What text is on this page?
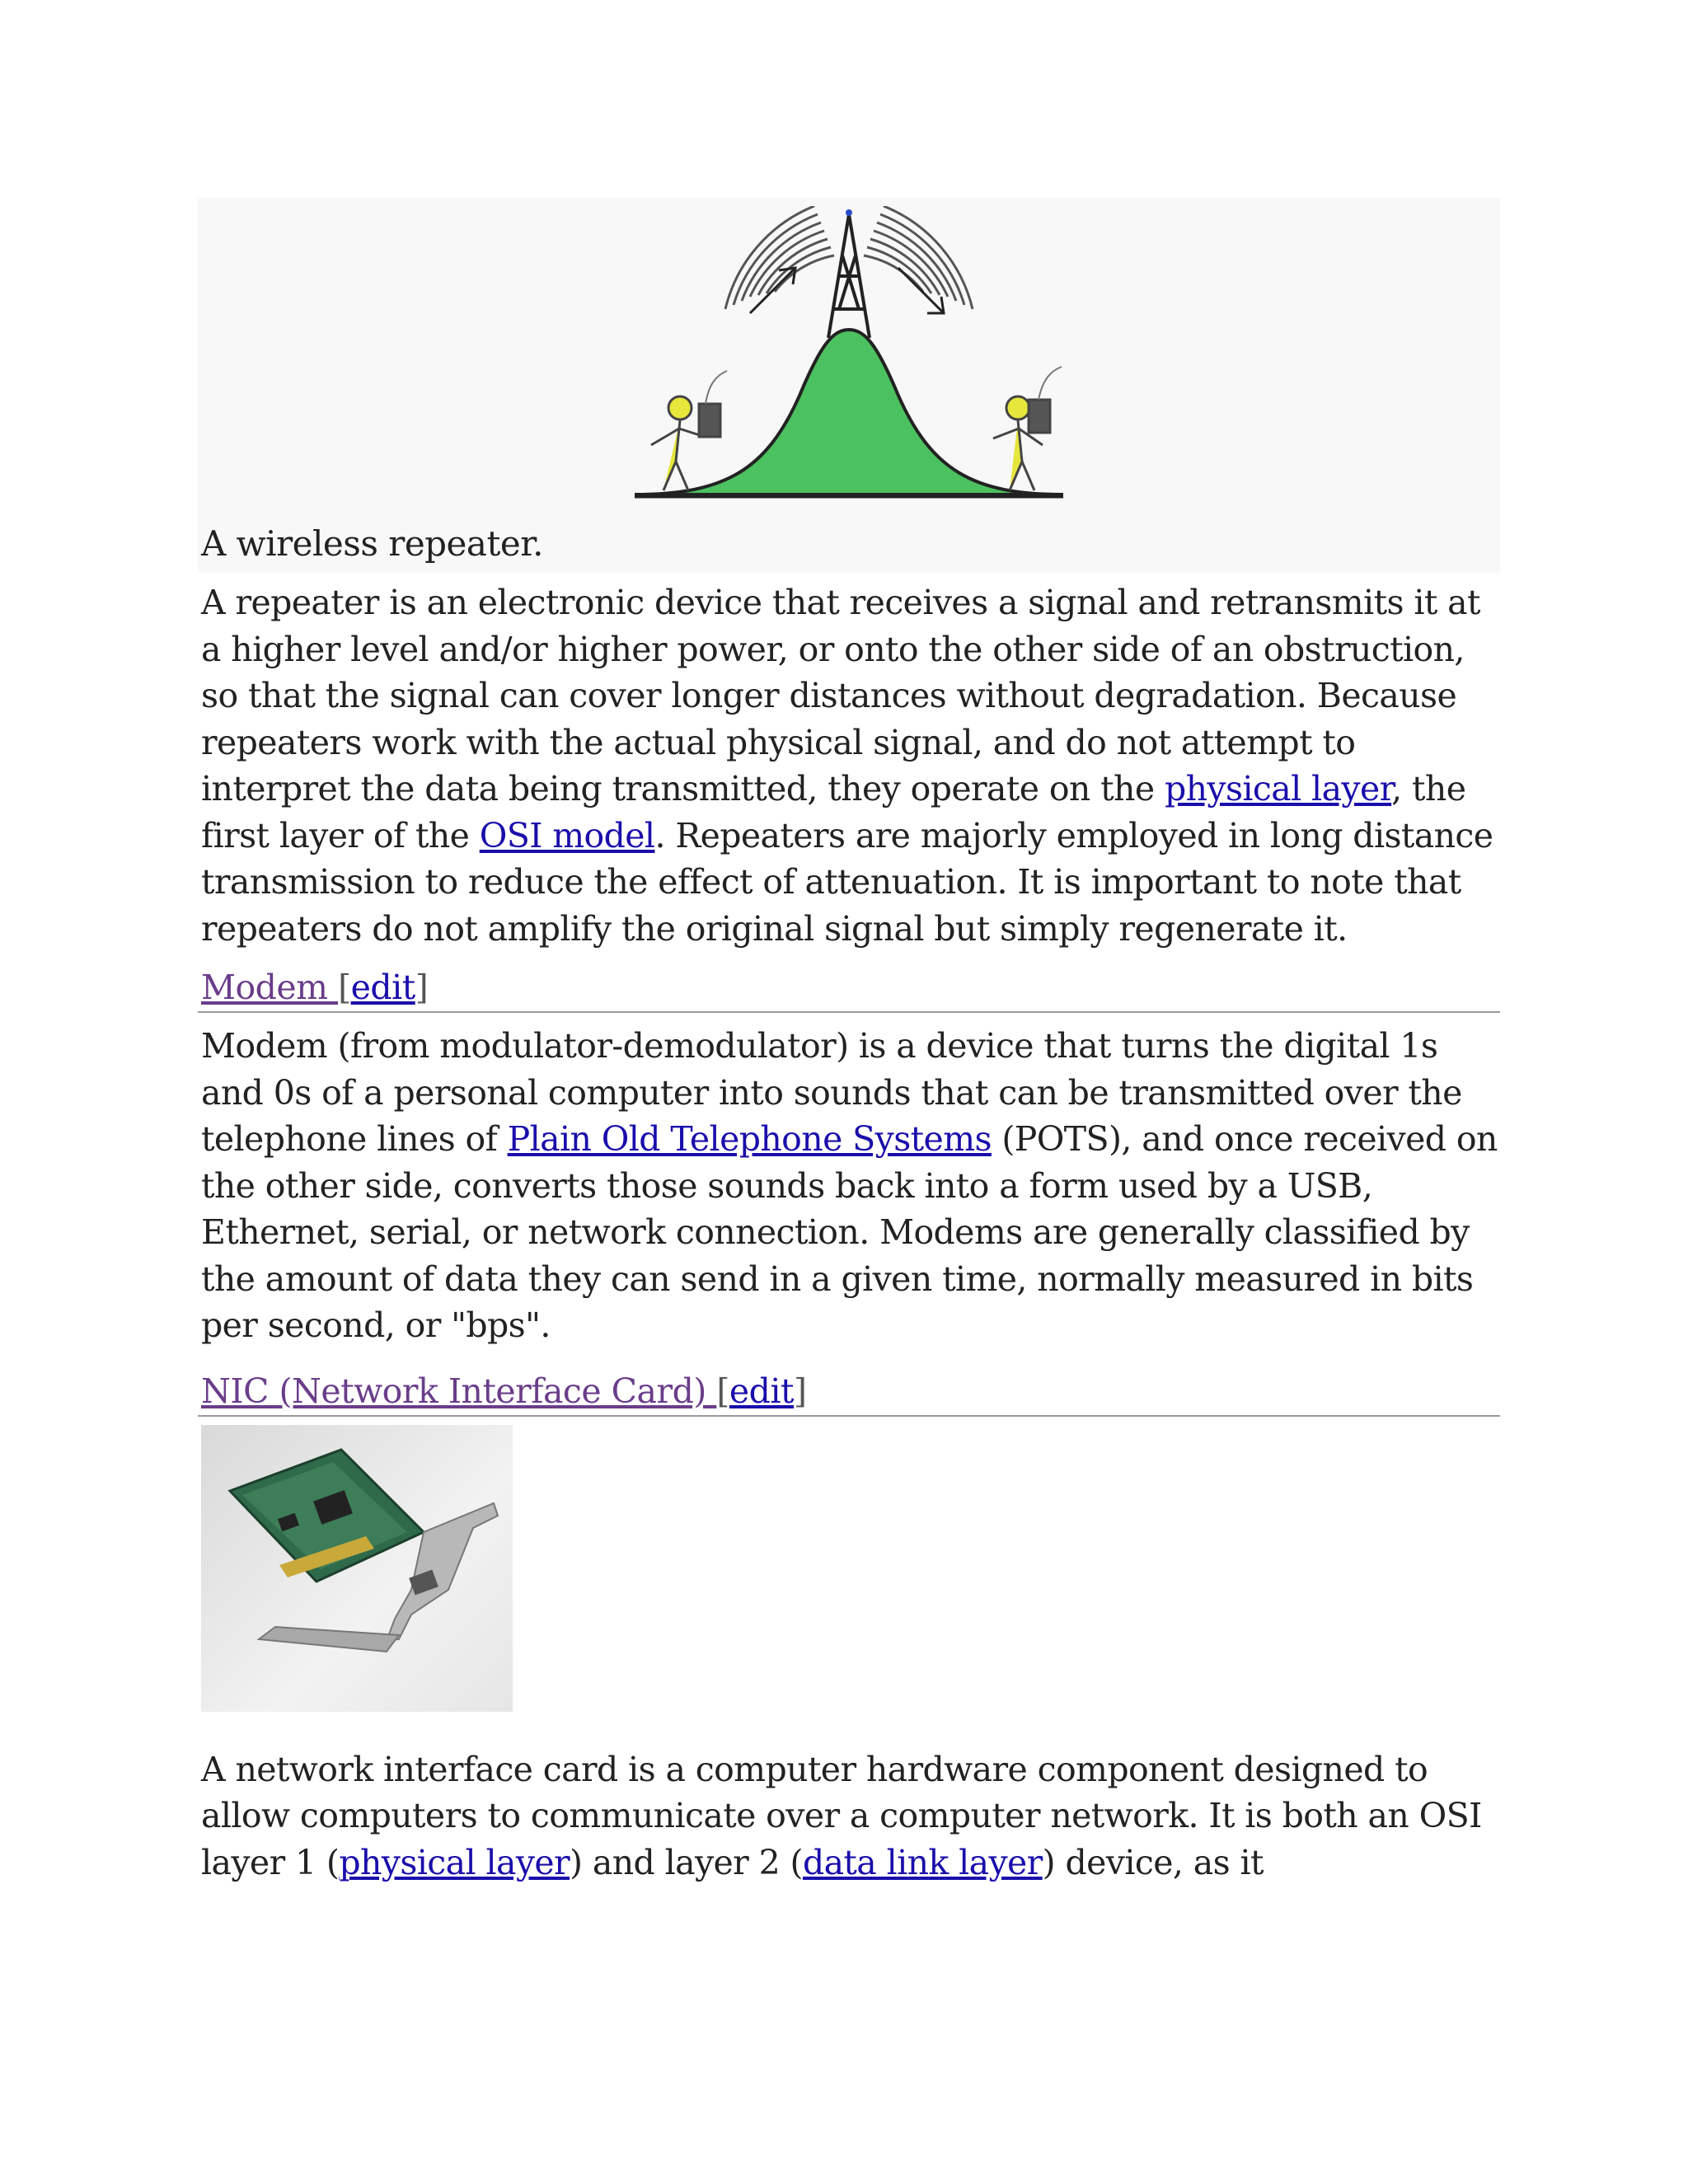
A wireless repeater.

A repeater is an electronic device that receives a signal and retransmits it at a higher level and/or higher power, or onto the other side of an obstruction, so that the signal can cover longer distances without degradation. Because repeaters work with the actual physical signal, and do not attempt to interpret the data being transmitted, they operate on the physical layer, the first layer of the OSI model. Repeaters are majorly employed in long distance transmission to reduce the effect of attenuation. It is important to note that repeaters do not amplify the original signal but simply regenerate it.

Modem [edit]

Modem (from modulator-demodulator) is a device that turns the digital 1s and 0s of a personal computer into sounds that can be transmitted over the telephone lines of Plain Old Telephone Systems (POTS), and once received on the other side, converts those sounds back into a form used by a USB, Ethernet, serial, or network connection. Modems are generally classified by the amount of data they can send in a given time, normally measured in bits per second, or "bps".

NIC (Network Interface Card) [edit]

A network interface card is a computer hardware component designed to allow computers to communicate over a computer network. It is both an OSI layer 1 (physical layer) and layer 2 (data link layer) device, as it
